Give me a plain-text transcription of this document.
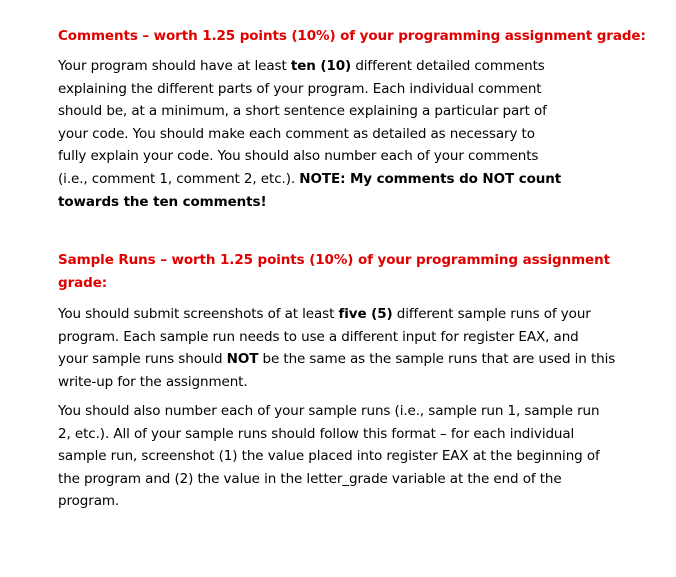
Comments – worth 1.25 points (10%) of your programming assignment grade:

Your program should have at least ten (10) different detailed comments
explaining the different parts of your program. Each individual comment
should be, at a minimum, a short sentence explaining a particular part of
your code. You should make each comment as detailed as necessary to
fully explain your code. You should also number each of your comments
(i.e., comment 1, comment 2, etc.). NOTE: My comments do NOT count
towards the ten comments!

Sample Runs – worth 1.25 points (10%) of your programming assignment
grade:

You should submit screenshots of at least five (5) different sample runs of your
program. Each sample run needs to use a different input for register EAX, and
your sample runs should NOT be the same as the sample runs that are used in this
write-up for the assignment.

You should also number each of your sample runs (i.e., sample run 1, sample run
2, etc.). All of your sample runs should follow this format – for each individual
sample run, screenshot (1) the value placed into register EAX at the beginning of
the program and (2) the value in the letter_grade variable at the end of the
program.
